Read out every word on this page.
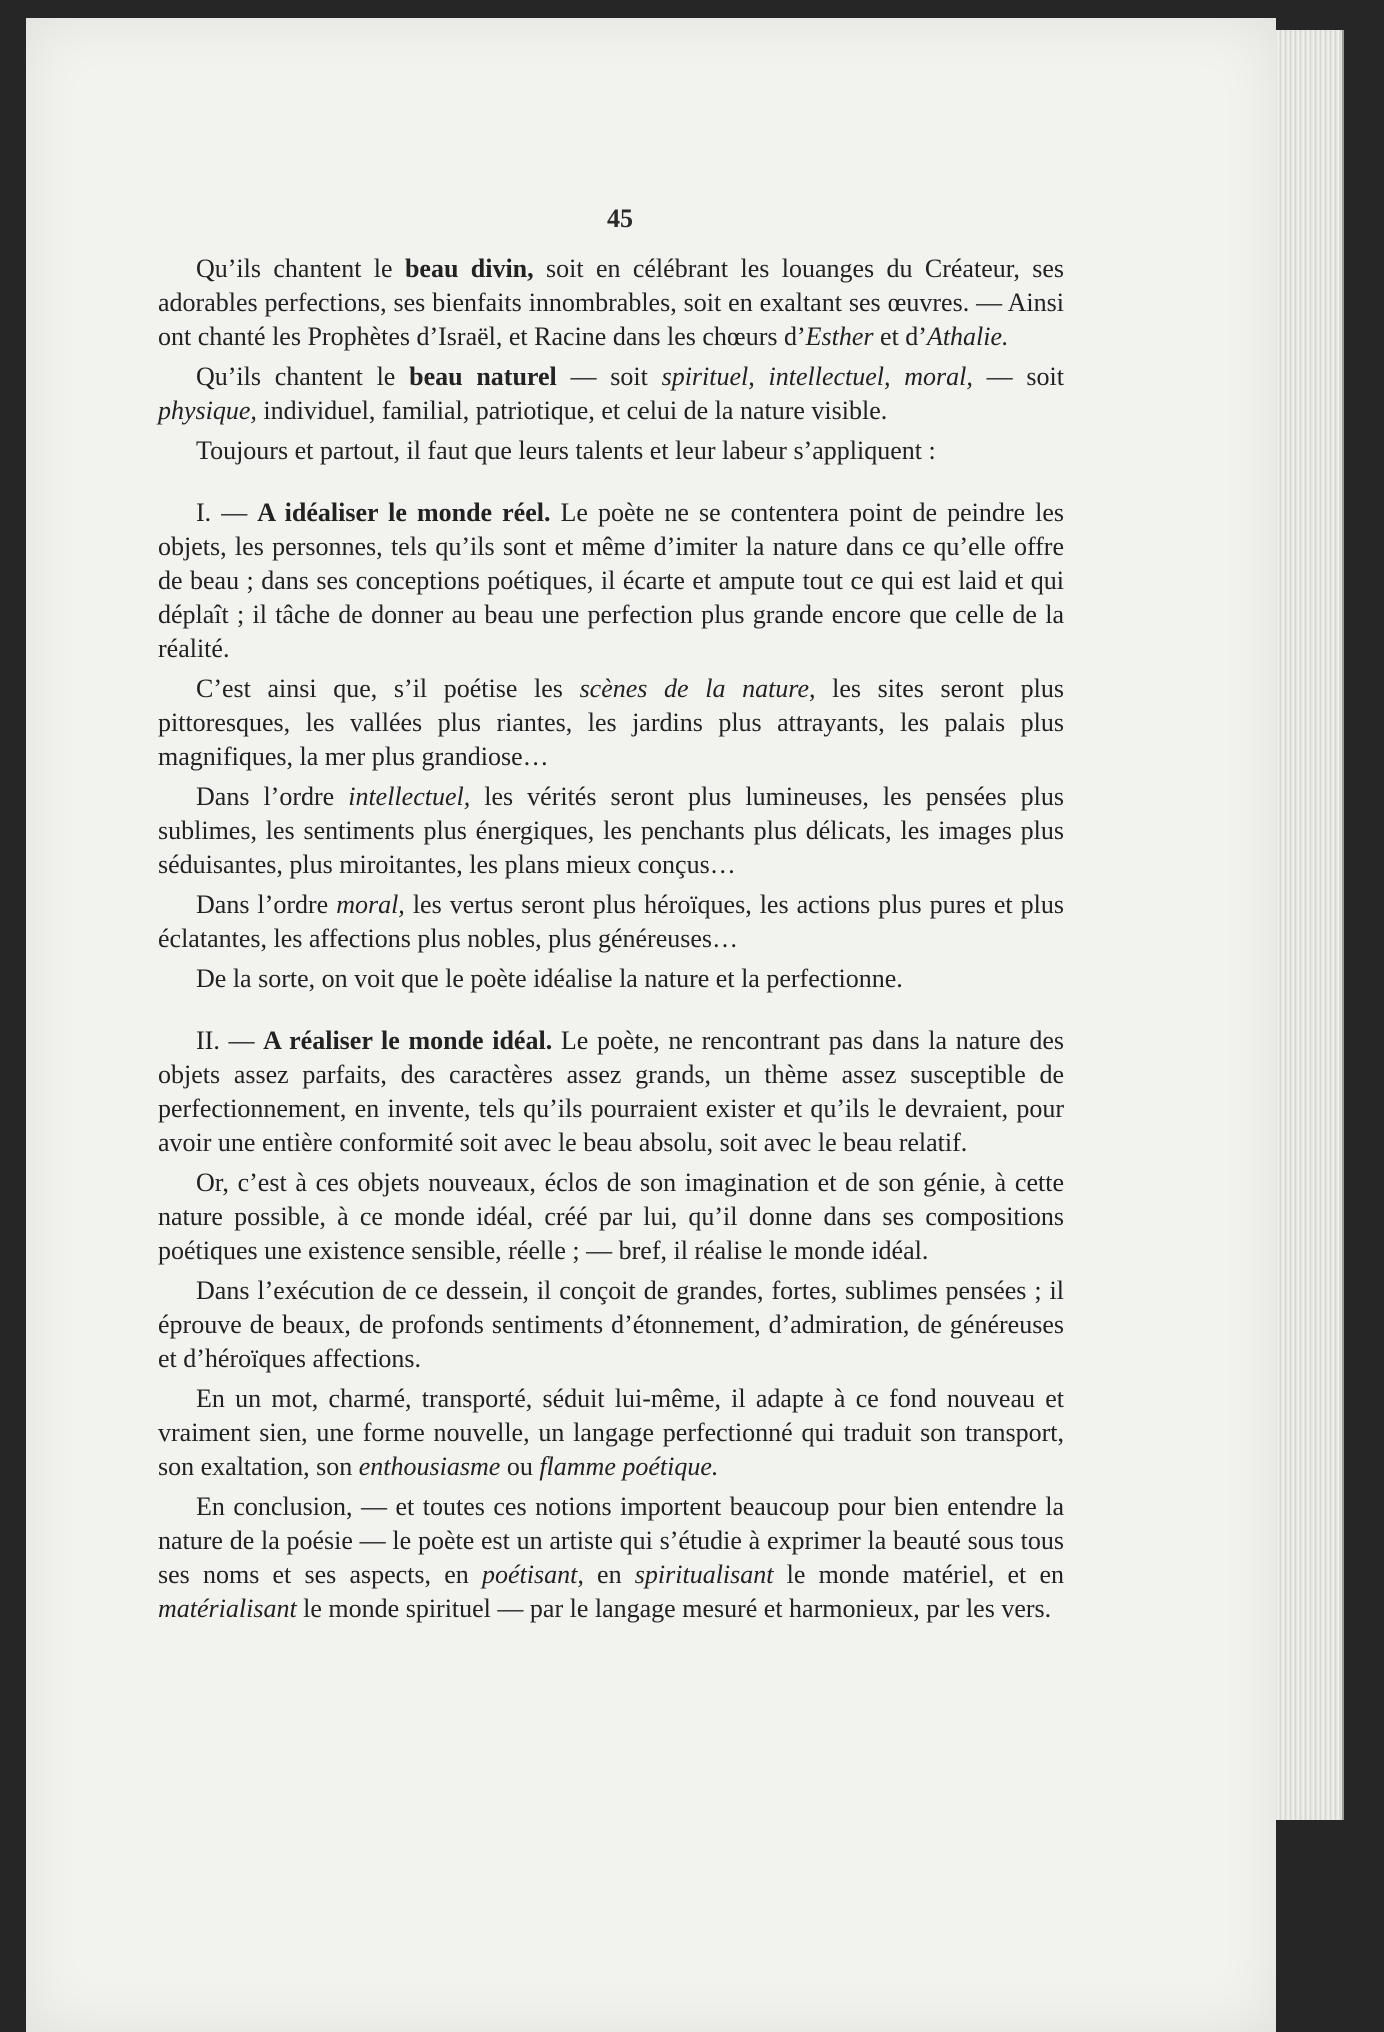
45

Qu’ils chantent le beau divin, soit en célébrant les louanges du Créateur, ses adorables perfections, ses bienfaits innombrables, soit en exaltant ses œuvres. — Ainsi ont chanté les Prophètes d’Israël, et Racine dans les chœurs d’Esther et d’Athalie.

Qu’ils chantent le beau naturel — soit spirituel, intellectuel, moral, — soit physique, individuel, familial, patriotique, et celui de la nature visible.

Toujours et partout, il faut que leurs talents et leur labeur s’appliquent :

I. — A idéaliser le monde réel. Le poète ne se contentera point de peindre les objets, les personnes, tels qu’ils sont et même d’imiter la nature dans ce qu’elle offre de beau ; dans ses conceptions poétiques, il écarte et ampute tout ce qui est laid et qui déplaît ; il tâche de donner au beau une perfection plus grande encore que celle de la réalité.

C’est ainsi que, s’il poétise les scènes de la nature, les sites seront plus pittoresques, les vallées plus riantes, les jardins plus attrayants, les palais plus magnifiques, la mer plus grandiose…

Dans l’ordre intellectuel, les vérités seront plus lumineuses, les pensées plus sublimes, les sentiments plus énergiques, les penchants plus délicats, les images plus séduisantes, plus miroitantes, les plans mieux conçus…

Dans l’ordre moral, les vertus seront plus héroïques, les actions plus pures et plus éclatantes, les affections plus nobles, plus généreuses…

De la sorte, on voit que le poète idéalise la nature et la perfectionne.

II. — A réaliser le monde idéal. Le poète, ne rencontrant pas dans la nature des objets assez parfaits, des caractères assez grands, un thème assez susceptible de perfectionnement, en invente, tels qu’ils pourraient exister et qu’ils le devraient, pour avoir une entière conformité soit avec le beau absolu, soit avec le beau relatif.

Or, c’est à ces objets nouveaux, éclos de son imagination et de son génie, à cette nature possible, à ce monde idéal, créé par lui, qu’il donne dans ses compositions poétiques une existence sensible, réelle ; — bref, il réalise le monde idéal.

Dans l’exécution de ce dessein, il conçoit de grandes, fortes, sublimes pensées ; il éprouve de beaux, de profonds sentiments d’étonnement, d’admiration, de généreuses et d’héroïques affections.

En un mot, charmé, transporté, séduit lui-même, il adapte à ce fond nouveau et vraiment sien, une forme nouvelle, un langage perfectionné qui traduit son transport, son exaltation, son enthousiasme ou flamme poétique.

En conclusion, — et toutes ces notions importent beaucoup pour bien entendre la nature de la poésie — le poète est un artiste qui s’étudie à exprimer la beauté sous tous ses noms et ses aspects, en poétisant, en spiritualisant le monde matériel, et en matérialisant le monde spirituel — par le langage mesuré et harmonieux, par les vers.
